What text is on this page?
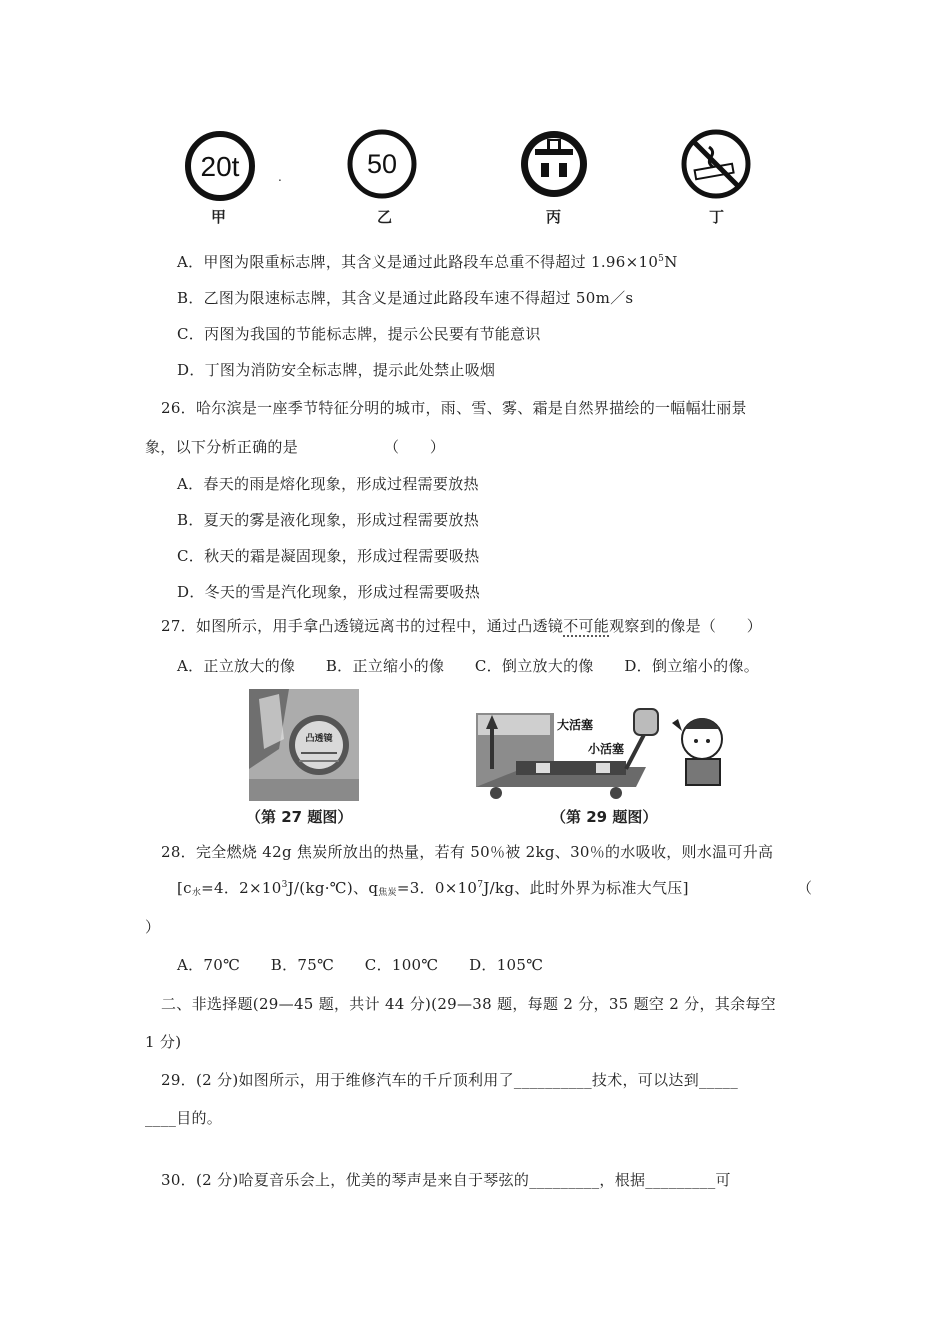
20t
甲
.	50
乙	丙	丁
A．甲图为限重标志牌，其含义是通过此路段车总重不得超过 $1.96\times 10^5N$
B．乙图为限速标志牌，其含义是通过此路段车速不得超过 50m／s
C．丙图为我国的节能标志牌，提示公民要有节能意识
D．丁图为消防安全标志牌，提示此处禁止吸烟
26．哈尔滨是一座季节特征分明的城市，雨、雪、雾、霜是自然界描绘的一幅幅壮丽景
象，以下分析正确的是	（　　）
A．春天的雨是熔化现象，形成过程需要放热
B．夏天的雾是液化现象，形成过程需要放热
C．秋天的霜是凝固现象，形成过程需要吸热
D．冬天的雪是汽化现象，形成过程需要吸热
27．如图所示，用手拿凸透镜远离书的过程中，通过凸透镜不可能观察到的像是（　　）
A．正立放大的像　　B．正立缩小的像　　C．倒立放大的像　　D．倒立缩小的像。
凸透镜
（第 27 题图）
大活塞
小活塞
（第 29 题图）
28．完全燃烧 42g 焦炭所放出的热量，若有 50％被 2kg、30％的水吸收，则水温可升高
[$c_水=4$．$2\times 10^3J/(kg\cdot℃)$、$q_{焦炭}=3$．$0\times 10^7J/kg$、此时外界为标准大气压]	（
）
A．70℃　　B．75℃　　C．100℃　　D．105℃
二、非选择题(29—45 题，共计 44 分)(29—38 题，每题 2 分，35 题空 2 分，其余每空
1 分)
29．(2 分)如图所示，用于维修汽车的千斤顶利用了__________技术，可以达到_____
____目的。
30．(2 分)哈夏音乐会上，优美的琴声是来自于琴弦的_________，根据_________可
